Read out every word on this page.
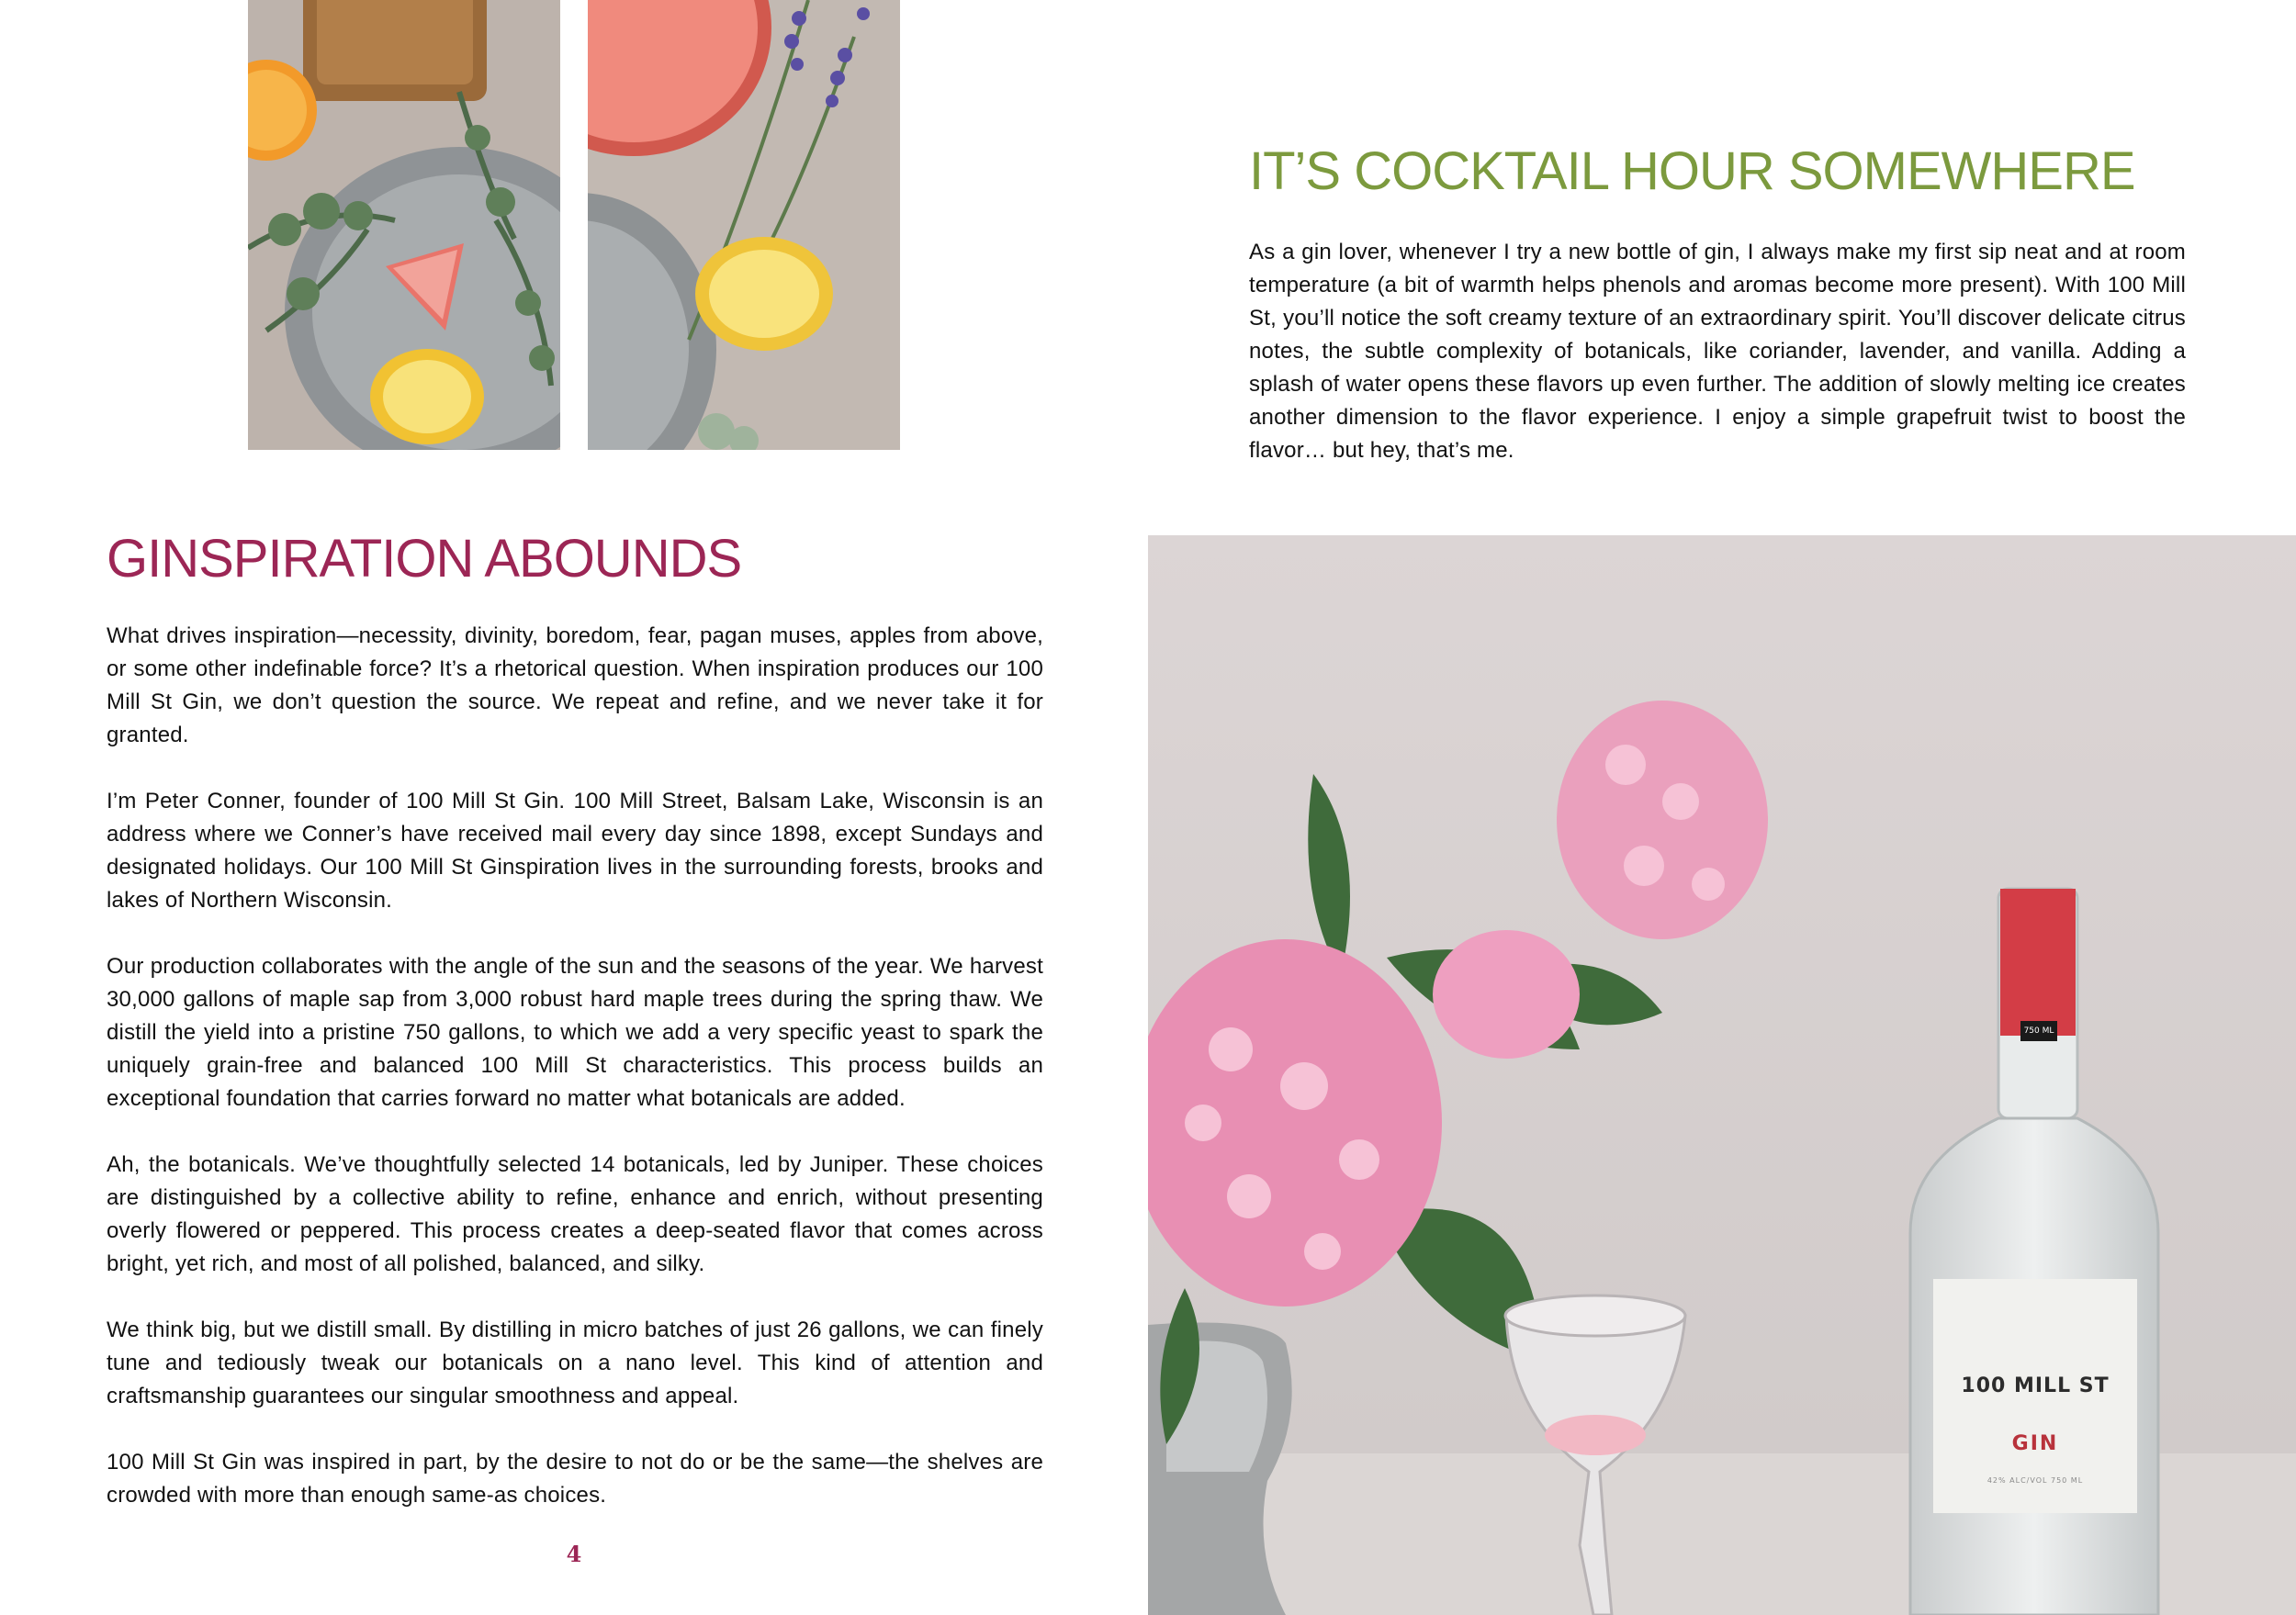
IT’S COCKTAIL HOUR SOMEWHERE

As a gin lover, whenever I try a new bottle of gin, I always make my first sip neat and at room temperature (a bit of warmth helps phenols and aromas become more present). With 100 Mill St, you’ll notice the soft creamy texture of an extraordinary spirit. You’ll discover delicate citrus notes, the subtle complexity of botanicals, like coriander, lavender, and vanilla. Adding a splash of water opens these flavors up even further. The addition of slowly melting ice creates another dimension to the flavor experience. I enjoy a simple grapefruit twist to boost the flavor… but hey, that’s me.

GINSPIRATION ABOUNDS

What drives inspiration—necessity, divinity, boredom, fear, pagan muses, apples from above, or some other indefinable force? It’s a rhetorical question. When inspiration produces our 100 Mill St Gin, we don’t question the source. We repeat and refine, and we never take it for granted.

I’m Peter Conner, founder of 100 Mill St Gin. 100 Mill Street, Balsam Lake, Wisconsin is an address where we Conner’s have received mail every day since 1898, except Sundays and designated holidays. Our 100 Mill St Ginspiration lives in the surrounding forests, brooks and lakes of Northern Wisconsin.

Our production collaborates with the angle of the sun and the seasons of the year. We harvest 30,000 gallons of maple sap from 3,000 robust hard maple trees during the spring thaw. We distill the yield into a pristine 750 gallons, to which we add a very specific yeast to spark the uniquely grain-free and balanced 100 Mill St characteristics. This process builds an exceptional foundation that carries forward no matter what botanicals are added.

Ah, the botanicals. We’ve thoughtfully selected 14 botanicals, led by Juniper. These choices are distinguished by a collective ability to refine, enhance and enrich, without presenting overly flowered or peppered. This process creates a deep-seated flavor that comes across bright, yet rich, and most of all polished, balanced, and silky.

We think big, but we distill small. By distilling in micro batches of just 26 gallons, we can finely tune and tediously tweak our botanicals on a nano level. This kind of attention and craftsmanship guarantees our singular smoothness and appeal.

100 Mill St Gin was inspired in part, by the desire to not do or be the same—the shelves are crowded with more than enough same-as choices.

4
750 ML
100 MILL ST
GIN
42% ALC/VOL 750 ML
